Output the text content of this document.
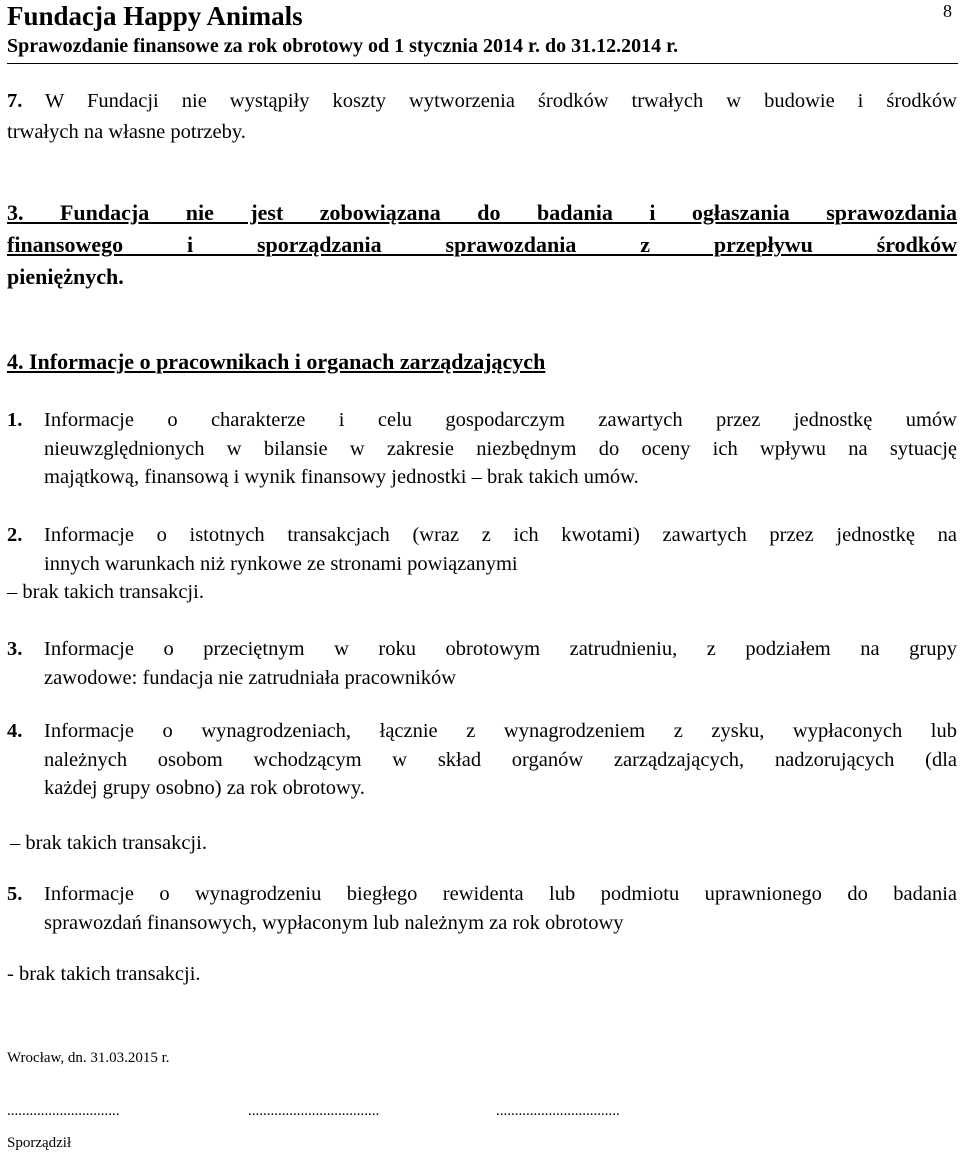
Fundacja Happy Animals	8
Sprawozdanie finansowe za rok obrotowy od 1 stycznia 2014 r. do 31.12.2014 r.
7. W Fundacji nie wystąpiły koszty wytworzenia środków trwałych w budowie i środków
trwałych na własne potrzeby.
3. Fundacja nie jest zobowiązana do badania i ogłaszania sprawozdania
finansowego i sporządzania sprawozdania z przepływu środków
pieniężnych.
4. Informacje o pracownikach i organach zarządzających
1. Informacje o charakterze i celu gospodarczym zawartych przez jednostkę umów
nieuwzględnionych w bilansie w zakresie niezbędnym do oceny ich wpływu na sytuację
majątkową, finansową i wynik finansowy jednostki – brak takich umów.
2. Informacje o istotnych transakcjach (wraz z ich kwotami) zawartych przez jednostkę na
innych warunkach niż rynkowe ze stronami powiązanymi
– brak takich transakcji.
3. Informacje o przeciętnym w roku obrotowym zatrudnieniu, z podziałem na grupy
zawodowe: fundacja nie zatrudniała pracowników
4. Informacje o wynagrodzeniach, łącznie z wynagrodzeniem z zysku, wypłaconych lub
należnych osobom wchodzącym w skład organów zarządzających, nadzorujących (dla
każdej grupy osobno) za rok obrotowy.
– brak takich transakcji.
5. Informacje o wynagrodzeniu biegłego rewidenta lub podmiotu uprawnionego do badania
sprawozdań finansowych, wypłaconym lub należnym za rok obrotowy
- brak takich transakcji.
Wrocław, dn. 31.03.2015 r.
..............................	...................................	.................................
Sporządził
